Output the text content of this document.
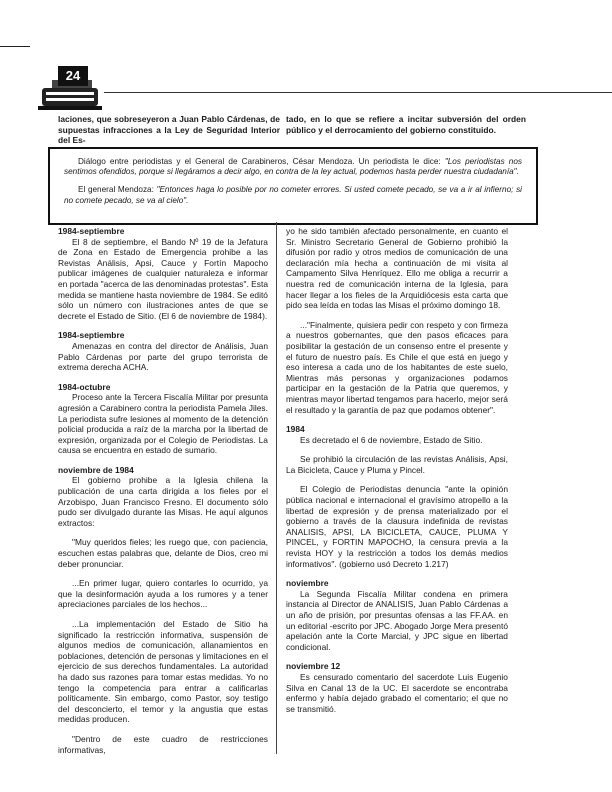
24

laciones, que sobreseyeron a Juan Pablo Cárdenas, de supuestas infracciones a la Ley de Seguridad Interior del Es-

tado, en lo que se refiere a incitar subversión del orden público y el derrocamiento del gobierno constituido.

Diálogo entre periodistas y el General de Carabineros, César Mendoza. Un periodista le dice: "Los periodistas nos sentimos ofendidos, porque si llegáramos a decir algo, en contra de la ley actual, podemos hasta perder nuestra ciudadanía".

El general Mendoza: "Entonces haga lo posible por no cometer errores. Si usted comete pecado, se va a ir al infierno; si no comete pecado, se va al cielo".

1984-septiembre

El 8 de septiembre, el Bando Nº 19 de la Jefatura de Zona en Estado de Emergencia prohibe a las Revistas Análisis, Apsi, Cauce y Fortín Mapocho publicar imágenes de cualquier naturaleza e informar en portada "acerca de las denominadas protestas". Esta medida se mantiene hasta noviembre de 1984. Se editó sólo un número con ilustraciones antes de que se decrete el Estado de Sitio. (El 6 de noviembre de 1984).

1984-septiembre

Amenazas en contra del director de Análisis, Juan Pablo Cárdenas por parte del grupo terrorista de extrema derecha ACHA.

1984-octubre

Proceso ante la Tercera Fiscalía Militar por presunta agresión a Carabinero contra la periodista Pamela Jiles. La periodista sufre lesiones al momento de la detención policial producida a raíz de la marcha por la libertad de expresión, organizada por el Colegio de Periodistas. La causa se encuentra en estado de sumario.

noviembre de 1984

El gobierno prohibe a la Iglesia chilena la publicación de una carta dirigida a los fieles por el Arzobispo, Juan Francisco Fresno. El documento sólo pudo ser divulgado durante las Misas. He aquí algunos extractos:

"Muy queridos fieles; les ruego que, con paciencia, escuchen estas palabras que, delante de Dios, creo mi deber pronunciar.

...En primer lugar, quiero contarles lo ocurrido, ya que la desinformación ayuda a los rumores y a tener apreciaciones parciales de los hechos...

...La implementación del Estado de Sitio ha significado la restricción informativa, suspensión de algunos medios de comunicación, allanamientos en poblaciones, detención de personas y limitaciones en el ejercicio de sus derechos fundamentales. La autoridad ha dado sus razones para tomar estas medidas. Yo no tengo la competencia para entrar a calificarlas políticamente. Sin embargo, como Pastor, soy testigo del desconcierto, el temor y la angustia que estas medidas producen.

"Dentro de este cuadro de restricciones informativas,

yo he sido también afectado personalmente, en cuanto el Sr. Ministro Secretario General de Gobierno prohibió la difusión por radio y otros medios de comunicación de una declaración mía hecha a continuación de mi visita al Campamento Silva Henríquez. Ello me obliga a recurrir a nuestra red de comunicación interna de la Iglesia, para hacer llegar a los fieles de la Arquidiócesis esta carta que pido sea leída en todas las Misas el próximo domingo 18.

..."Finalmente, quisiera pedir con respeto y con firmeza a nuestros gobernantes, que den pasos eficaces para posibilitar la gestación de un consenso entre el presente y el futuro de nuestro país. Es Chile el que está en juego y eso interesa a cada uno de los habitantes de este suelo, Mientras más personas y organizaciones podamos participar en la gestación de la Patria que queremos, y mientras mayor libertad tengamos para hacerlo, mejor será el resultado y la garantía de paz que podamos obtener".

1984

Es decretado el 6 de noviembre, Estado de Sitio.

Se prohibió la circulación de las revistas Análisis, Apsi, La Bicicleta, Cauce y Pluma y Pincel.

El Colegio de Periodistas denuncia "ante la opinión pública nacional e internacional el gravísimo atropello a la libertad de expresión y de prensa materializado por el gobierno a través de la clausura indefinida de revistas ANALISIS, APSI, LA BICICLETA, CAUCE, PLUMA Y PINCEL, y FORTIN MAPOCHO, la censura previa a la revista HOY y la restricción a todos los demás medios informativos". (gobierno usó Decreto 1.217)

noviembre

La Segunda Fiscalía Militar condena en primera instancia al Director de ANALISIS, Juan Pablo Cárdenas a un año de prisión, por presuntas ofensas a las FF.AA. en un editorial -escrito por JPC. Abogado Jorge Mera presentó apelación ante la Corte Marcial, y JPC sigue en libertad condicional.

noviembre 12

Es censurado comentario del sacerdote Luis Eugenio Silva en Canal 13 de la UC. El sacerdote se encontraba enfermo y había dejado grabado el comentario; el que no se transmitió.
